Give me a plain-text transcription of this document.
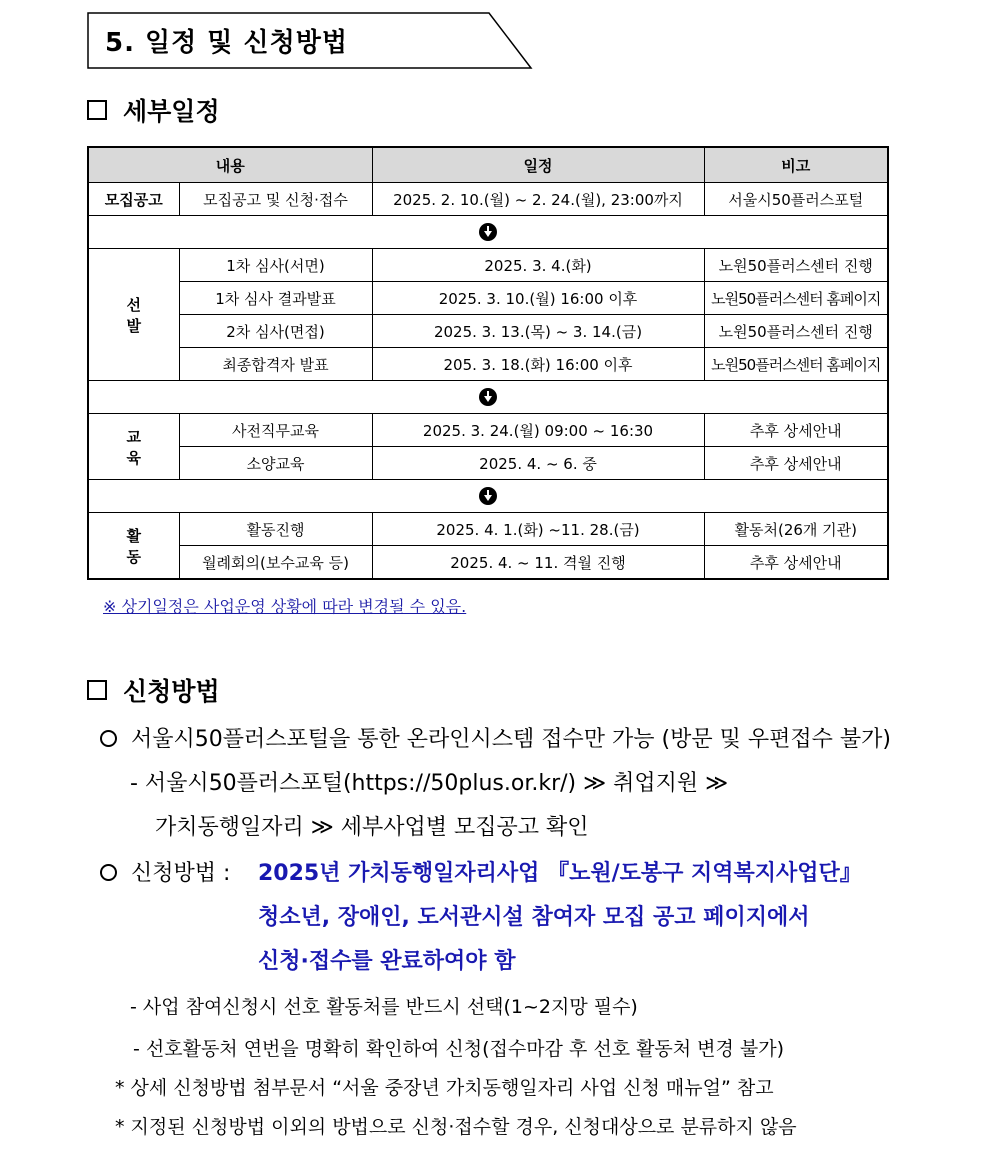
5. 일정 및 신청방법
세부일정
내용		일정	비고
모집공고	모집공고 및 신청·접수	2025. 2. 10.(월) ~ 2. 24.(월), 23:00까지	서울시50플러스포털

선 발	1차 심사(서면)	2025. 3. 4.(화)	노원50플러스센터 진행
	1차 심사 결과발표	2025. 3. 10.(월) 16:00 이후	노원50플러스센터 홈페이지
	2차 심사(면접)	2025. 3. 13.(목) ~ 3. 14.(금)	노원50플러스센터 진행
	최종합격자 발표	205. 3. 18.(화) 16:00 이후	노원50플러스센터 홈페이지

교 육	사전직무교육	2025. 3. 24.(월) 09:00 ~ 16:30	추후 상세안내
	소양교육	2025. 4. ~ 6. 중	추후 상세안내

활 동	활동진행	2025. 4. 1.(화) ~11. 28.(금)	활동처(26개 기관)
	월례회의(보수교육 등)	2025. 4. ~ 11. 격월 진행	추후 상세안내
※ 상기일정은 사업운영 상황에 따라 변경될 수 있음.
신청방법
서울시50플러스포털을 통한 온라인시스템 접수만 가능 (방문 및 우편접수 불가)
- 서울시50플러스포털(https://50plus.or.kr/) ≫ 취업지원 ≫
가치동행일자리 ≫ 세부사업별 모집공고 확인
신청방법 : 2025년 가치동행일자리사업 『노원/도봉구 지역복지사업단』
청소년, 장애인, 도서관시설 참여자 모집 공고 페이지에서
신청·접수를 완료하여야 함
- 사업 참여신청시 선호 활동처를 반드시 선택(1~2지망 필수)
- 선호활동처 연번을 명확히 확인하여 신청(접수마감 후 선호 활동처 변경 불가)
* 상세 신청방법 첨부문서 “서울 중장년 가치동행일자리 사업 신청 매뉴얼” 참고
* 지정된 신청방법 이외의 방법으로 신청·접수할 경우, 신청대상으로 분류하지 않음
